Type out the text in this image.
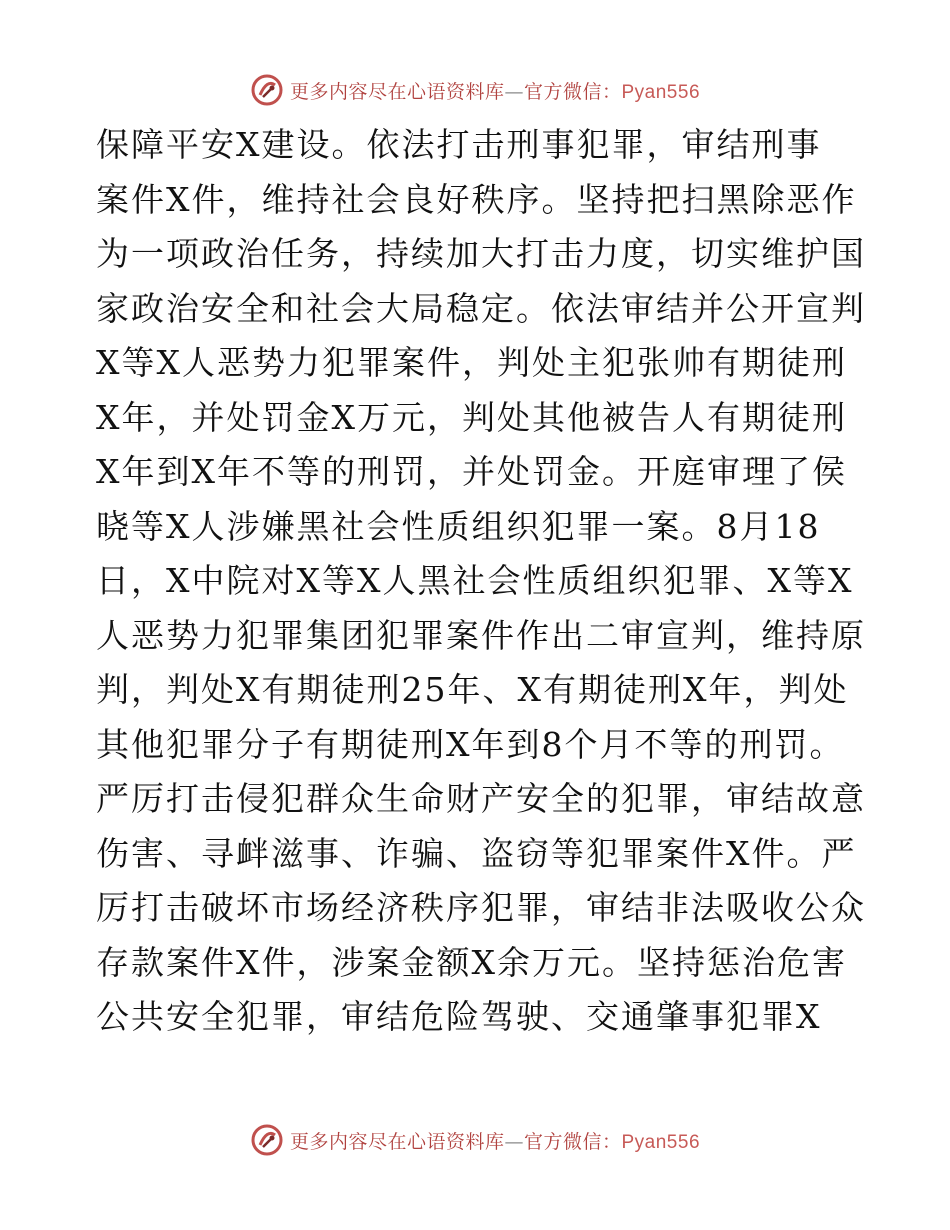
更多内容尽在心语资料库—官方微信：Pyan556
保障平安X建设。依法打击刑事犯罪，审结刑事
案件X件，维持社会良好秩序。坚持把扫黑除恶作
为一项政治任务，持续加大打击力度，切实维护国
家政治安全和社会大局稳定。依法审结并公开宣判
X等X人恶势力犯罪案件，判处主犯张帅有期徒刑
X年，并处罚金X万元，判处其他被告人有期徒刑
X年到X年不等的刑罚，并处罚金。开庭审理了侯
晓等X人涉嫌黑社会性质组织犯罪一案。8月18
日，X中院对X等X人黑社会性质组织犯罪、X等X
人恶势力犯罪集团犯罪案件作出二审宣判，维持原
判，判处X有期徒刑25年、X有期徒刑X年，判处
其他犯罪分子有期徒刑X年到8个月不等的刑罚。
严厉打击侵犯群众生命财产安全的犯罪，审结故意
伤害、寻衅滋事、诈骗、盗窃等犯罪案件X件。严
厉打击破坏市场经济秩序犯罪，审结非法吸收公众
存款案件X件，涉案金额X余万元。坚持惩治危害
公共安全犯罪，审结危险驾驶、交通肇事犯罪X
更多内容尽在心语资料库—官方微信：Pyan556
